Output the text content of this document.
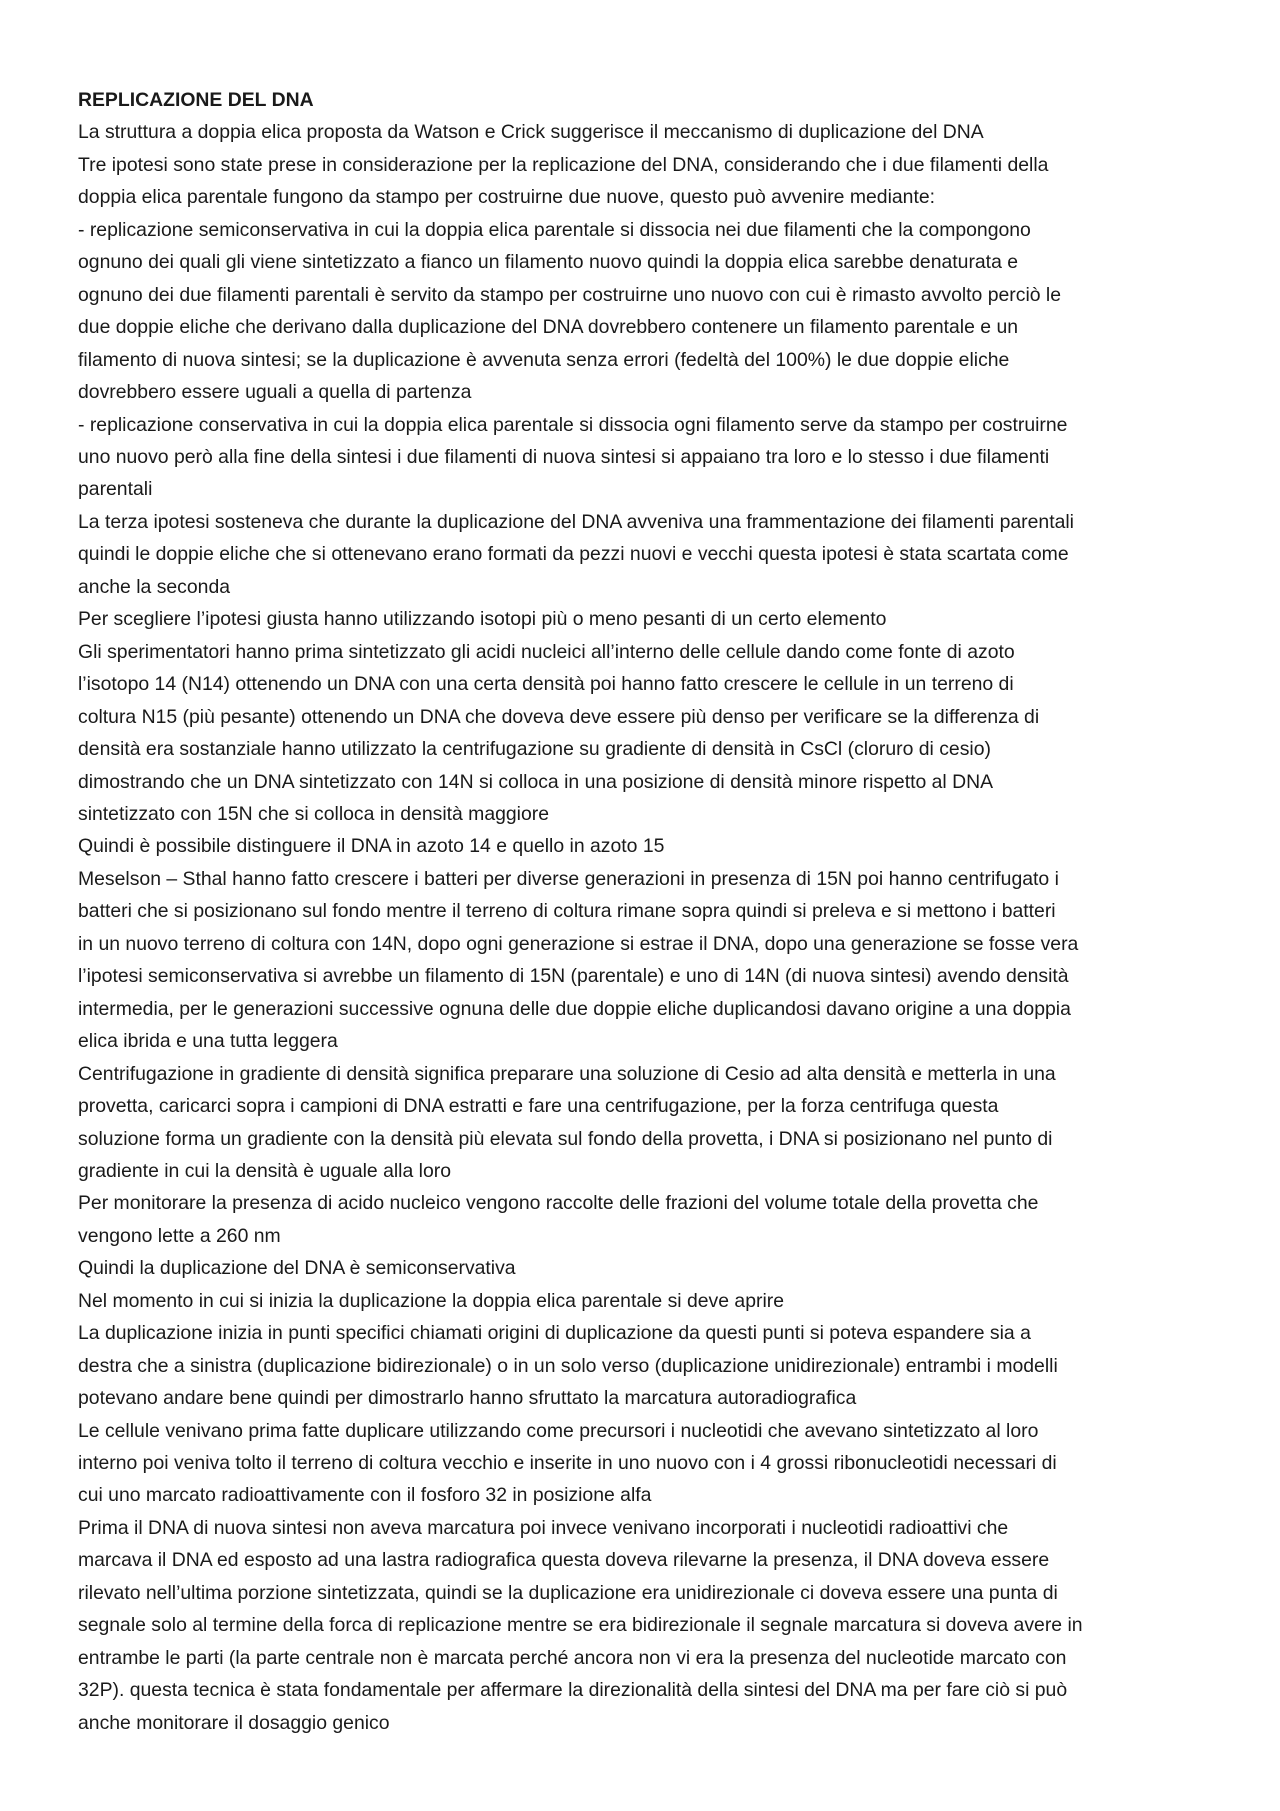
REPLICAZIONE DEL DNA
La struttura a doppia elica proposta da Watson e Crick suggerisce il meccanismo di duplicazione del DNA
Tre ipotesi sono state prese in considerazione per la replicazione del DNA, considerando che i due filamenti della
doppia elica parentale fungono da stampo per costruirne due nuove, questo può avvenire mediante:
- replicazione semiconservativa in cui la doppia elica parentale si dissocia nei due filamenti che la compongono
ognuno dei quali gli viene sintetizzato a fianco un filamento nuovo quindi la doppia elica sarebbe denaturata e
ognuno dei due filamenti parentali è servito da stampo per costruirne uno nuovo con cui è rimasto avvolto perciò le
due doppie eliche che derivano dalla duplicazione del DNA dovrebbero contenere un filamento parentale e un
filamento di nuova sintesi; se la duplicazione è avvenuta senza errori (fedeltà del 100%) le due doppie eliche
dovrebbero essere uguali a quella di partenza
- replicazione conservativa in cui la doppia elica parentale si dissocia ogni filamento serve da stampo per costruirne
uno nuovo però alla fine della sintesi i due filamenti di nuova sintesi si appaiano tra loro e lo stesso i due filamenti
parentali
La terza ipotesi sosteneva che durante la duplicazione del DNA avveniva una frammentazione dei filamenti parentali
quindi le doppie eliche che si ottenevano erano formati da pezzi nuovi e vecchi questa ipotesi è stata scartata come
anche la seconda
Per scegliere l’ipotesi giusta hanno utilizzando isotopi più o meno pesanti di un certo elemento
Gli sperimentatori hanno prima sintetizzato gli acidi nucleici all’interno delle cellule dando come fonte di azoto
l’isotopo 14 (N14) ottenendo un DNA con una certa densità poi hanno fatto crescere le cellule in un terreno di
coltura N15 (più pesante) ottenendo un DNA che doveva deve essere più denso per verificare se la differenza di
densità era sostanziale hanno utilizzato la centrifugazione su gradiente di densità in CsCl (cloruro di cesio)
dimostrando che un DNA sintetizzato con 14N si colloca in una posizione di densità minore rispetto al DNA
sintetizzato con 15N che si colloca in densità maggiore
Quindi è possibile distinguere il DNA in azoto 14 e quello in azoto 15
Meselson – Sthal hanno fatto crescere i batteri per diverse generazioni in presenza di 15N poi hanno centrifugato i
batteri che si posizionano sul fondo mentre il terreno di coltura rimane sopra quindi si preleva e si mettono i batteri
in un nuovo terreno di coltura con 14N, dopo ogni generazione si estrae il DNA, dopo una generazione se fosse vera
l’ipotesi semiconservativa si avrebbe un filamento di 15N (parentale) e uno di 14N (di nuova sintesi) avendo densità
intermedia, per le generazioni successive ognuna delle due doppie eliche duplicandosi davano origine a una doppia
elica ibrida e una tutta leggera
Centrifugazione in gradiente di densità significa preparare una soluzione di Cesio ad alta densità e metterla in una
provetta, caricarci sopra i campioni di DNA estratti e fare una centrifugazione, per la forza centrifuga questa
soluzione forma un gradiente con la densità più elevata sul fondo della provetta, i DNA si posizionano nel punto di
gradiente in cui la densità è uguale alla loro
Per monitorare la presenza di acido nucleico vengono raccolte delle frazioni del volume totale della provetta che
vengono lette a 260 nm
Quindi la duplicazione del DNA è semiconservativa
Nel momento in cui si inizia la duplicazione la doppia elica parentale si deve aprire
La duplicazione inizia in punti specifici chiamati origini di duplicazione da questi punti si poteva espandere sia a
destra che a sinistra (duplicazione bidirezionale) o in un solo verso (duplicazione unidirezionale) entrambi i modelli
potevano andare bene quindi per dimostrarlo hanno sfruttato la marcatura autoradiografica
Le cellule venivano prima fatte duplicare utilizzando come precursori i nucleotidi che avevano sintetizzato al loro
interno poi veniva tolto il terreno di coltura vecchio e inserite in uno nuovo con i 4 grossi ribonucleotidi necessari di
cui uno marcato radioattivamente con il fosforo 32 in posizione alfa
Prima il DNA di nuova sintesi non aveva marcatura poi invece venivano incorporati i nucleotidi radioattivi che
marcava il DNA ed esposto ad una lastra radiografica questa doveva rilevarne la presenza, il DNA doveva essere
rilevato nell’ultima porzione sintetizzata, quindi se la duplicazione era unidirezionale ci doveva essere una punta di
segnale solo al termine della forca di replicazione mentre se era bidirezionale il segnale marcatura si doveva avere in
entrambe le parti (la parte centrale non è marcata perché ancora non vi era la presenza del nucleotide marcato con
32P). questa tecnica è stata fondamentale per affermare la direzionalità della sintesi del DNA ma per fare ciò si può
anche monitorare il dosaggio genico
